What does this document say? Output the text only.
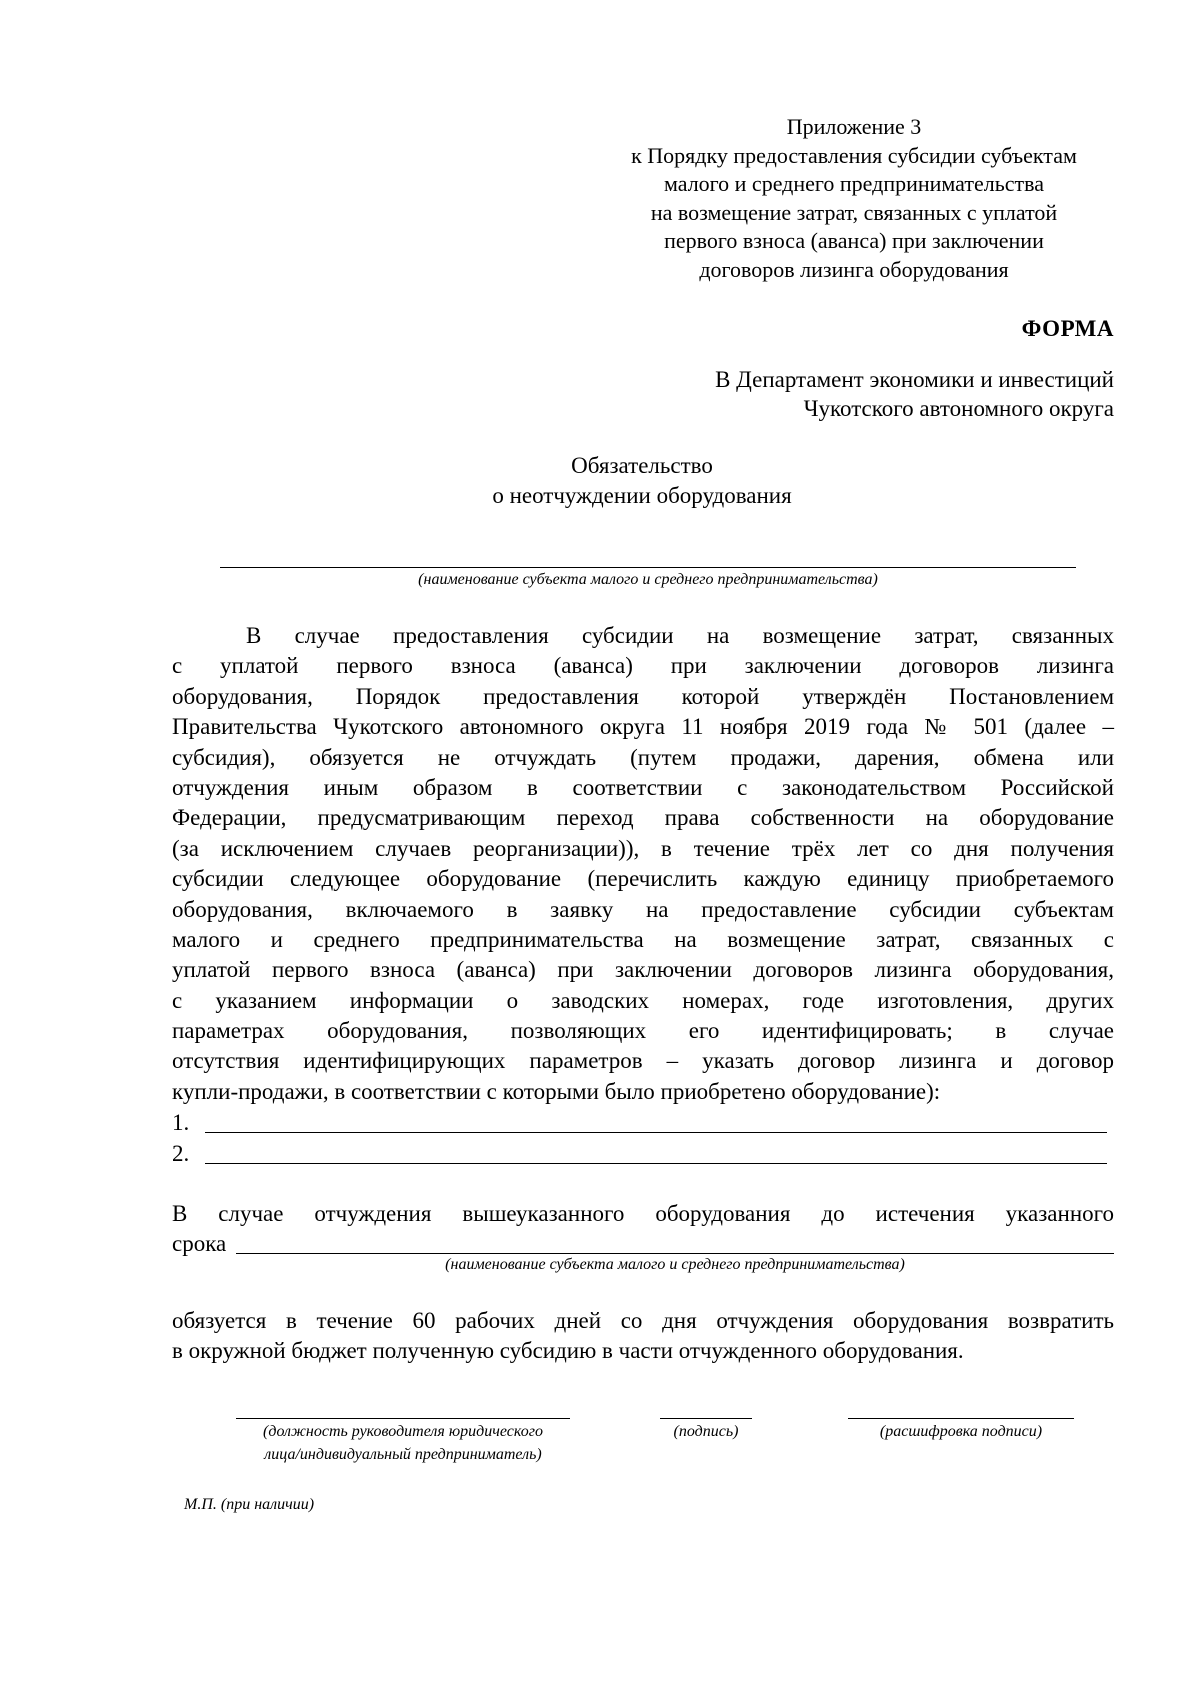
Приложение 3
к Порядку предоставления субсидии субъектам
малого и среднего предпринимательства
на возмещение затрат, связанных с уплатой
первого взноса (аванса) при заключении
договоров лизинга оборудования
ФОРМА
В Департамент экономики и инвестиций
Чукотского автономного округа
Обязательство
о неотчуждении оборудования
(наименование субъекта малого и среднего предпринимательства)
В случае предоставления субсидии на возмещение затрат, связанных
с уплатой первого взноса (аванса) при заключении договоров лизинга
оборудования, Порядок предоставления которой утверждён Постановлением
Правительства Чукотского автономного округа 11 ноября 2019 года № 501 (далее –
субсидия), обязуется не отчуждать (путем продажи, дарения, обмена или
отчуждения иным образом в соответствии с законодательством Российской
Федерации, предусматривающим переход права собственности на оборудование
(за исключением случаев реорганизации)), в течение трёх лет со дня получения
субсидии следующее оборудование (перечислить каждую единицу приобретаемого
оборудования, включаемого в заявку на предоставление субсидии субъектам
малого и среднего предпринимательства на возмещение затрат, связанных с
уплатой первого взноса (аванса) при заключении договоров лизинга оборудования,
с указанием информации о заводских номерах, годе изготовления, других
параметрах оборудования, позволяющих его идентифицировать; в случае
отсутствия идентифицирующих параметров – указать договор лизинга и договор
купли-продажи, в соответствии с которыми было приобретено оборудование):
1.
2.
В случае отчуждения вышеуказанного оборудования до истечения указанного
срока
(наименование субъекта малого и среднего предпринимательства)
обязуется в течение 60 рабочих дней со дня отчуждения оборудования возвратить
в окружной бюджет полученную субсидию в части отчужденного оборудования.
(должность руководителя юридического
лица/индивидуальный предприниматель)
(подпись)	(расшифровка подписи)
М.П. (при наличии)
